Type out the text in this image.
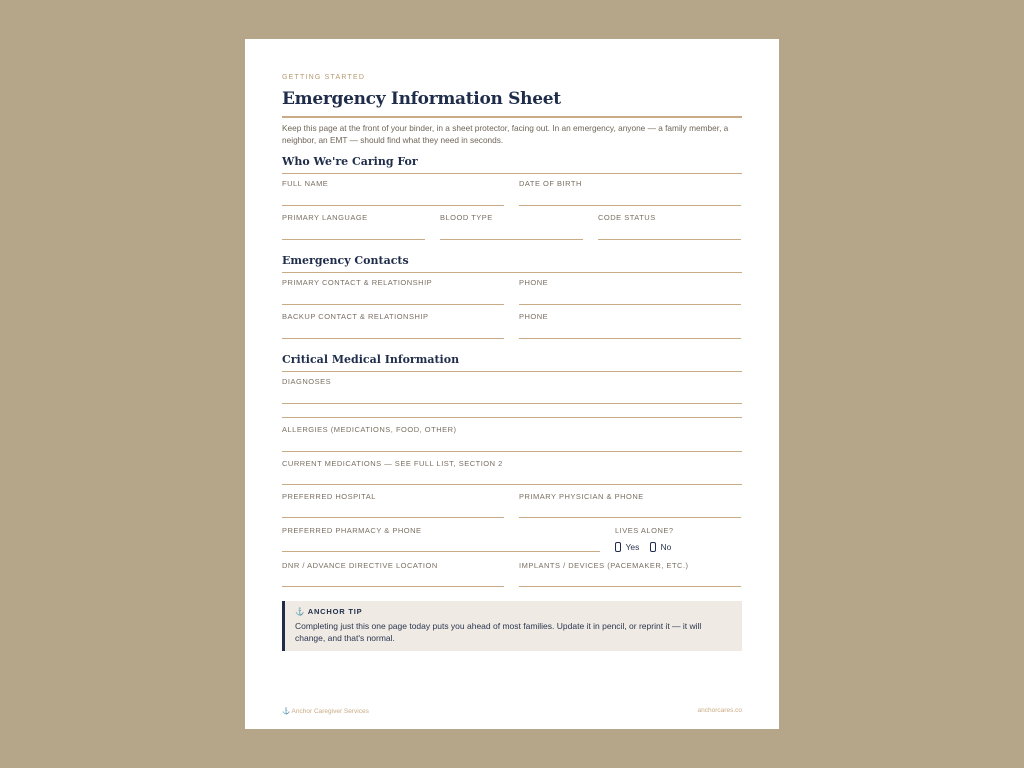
GETTING STARTED
Emergency Information Sheet
Keep this page at the front of your binder, in a sheet protector, facing out. In an emergency, anyone — a family member, a neighbor, an EMT — should find what they need in seconds.
Who We're Caring For
FULL NAME	DATE OF BIRTH
PRIMARY LANGUAGE	BLOOD TYPE	CODE STATUS
Emergency Contacts
PRIMARY CONTACT & RELATIONSHIP	PHONE
BACKUP CONTACT & RELATIONSHIP	PHONE
Critical Medical Information
DIAGNOSES
ALLERGIES (MEDICATIONS, FOOD, OTHER)
CURRENT MEDICATIONS — SEE FULL LIST, SECTION 2
PREFERRED HOSPITAL	PRIMARY PHYSICIAN & PHONE
PREFERRED PHARMACY & PHONE	LIVES ALONE?
Yes No
DNR / ADVANCE DIRECTIVE LOCATION	IMPLANTS / DEVICES (PACEMAKER, ETC.)
⚓ ANCHOR TIP
Completing just this one page today puts you ahead of most families. Update it in pencil, or reprint it — it will change, and that's normal.
⚓ Anchor Caregiver Services	anchorcares.co
